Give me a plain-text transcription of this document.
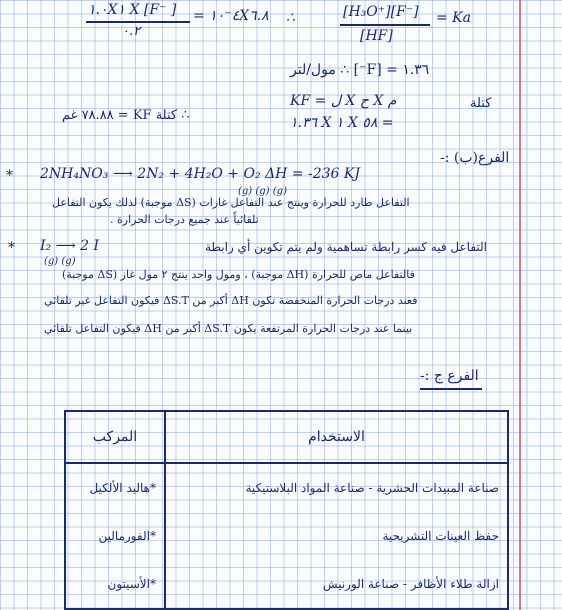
١.٠X١ X [F⁻ ]
٠.٢
= ٤⁻١٠X٦.٨ ∴	[H₃O⁺][F⁻]
[HF]
= Ka
١.٣٦ = [F⁻] ∴ مول/لتر
كتلة
KF = ل X ح X م
١.٣٦ X ١ X ٥٨ =
∴ كتلة KF = ٧٨.٨٨ غم
الفرع(ب) :-
* 2NH₄NO₃ ⟶ 2N₂ + 4H₂O + O₂ ΔH = -236 KJ
(g) (g) (g)
التفاعل طارد للحرارة وينتج عند التفاعل غازات (ΔS موجبة) لذلك يكون التفاعل
تلقائياً عند جميع درجات الحرارة .
* I₂ ⟶ 2 I
(g) (g)
التفاعل فيه كسر رابطة تساهمية ولم يتم تكوين أي رابطة
فالتفاعل ماص للحرارة (ΔH موجبة) ، ومول واحد ينتج ٢ مول غاز (ΔS موجبة)
فعند درجات الحرارة المنخفضة تكون ΔH أكبر من ΔS.T فيكون التفاعل غير تلقائي
بينما عند درجات الحرارة المرتفعة يكون ΔS.T أكبر من ΔH فيكون التفاعل تلقائي
الفرع ج :-
المركب	الاستخدام
*هاليد الألكيل	صناعة المبيدات الحشرية - صناعة المواد البلاستيكية
*الفورمالين	حفظ العينات التشريحية
*الأسيتون	ازالة طلاء الأظافر - صناعة الورنيش
